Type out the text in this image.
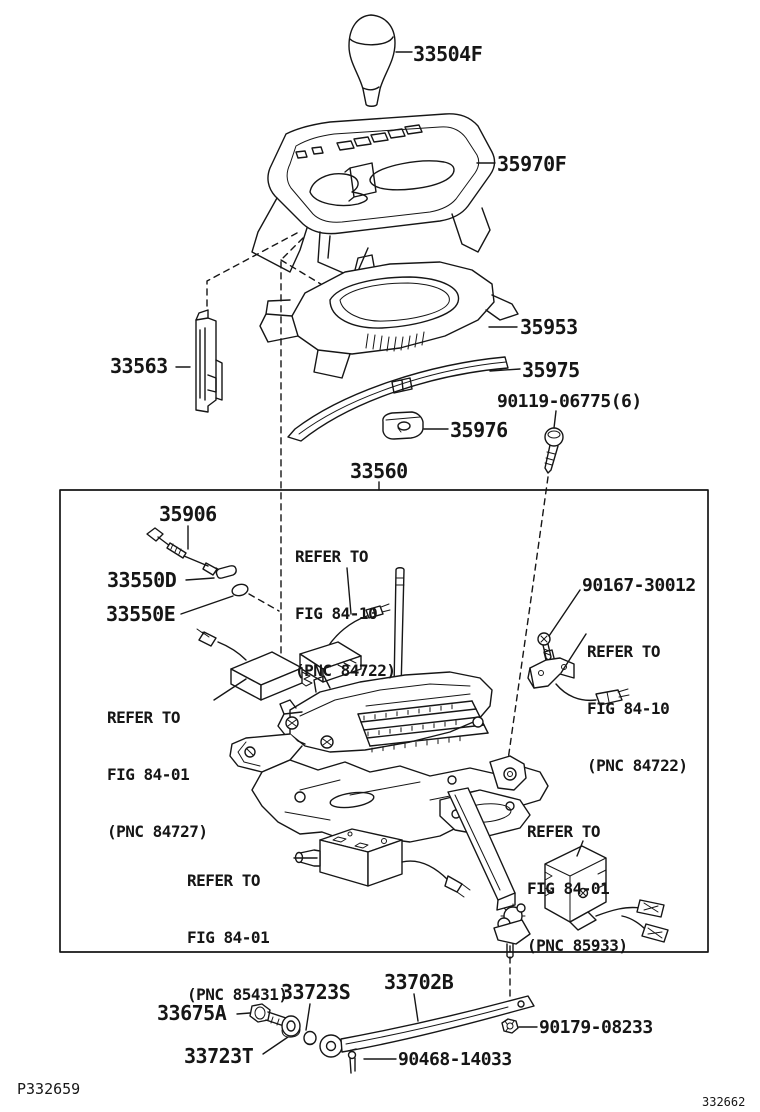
33504F
35970F
33563
35953
35975
90119-06775(6)
35976
33560
35906
33550D
33550E
90167-30012
33723S 33702B
33675A
33723T	90468-14033
90179-08233

REFER TO

FIG 84-10

(PNC 84722)

REFER TO

FIG 84-10

(PNC 84722)

REFER TO

FIG 84-01

(PNC 84727)

REFER TO

FIG 84-01

(PNC 85431)

REFER TO

FIG 84-01

(PNC 85933)

P332659
332662
